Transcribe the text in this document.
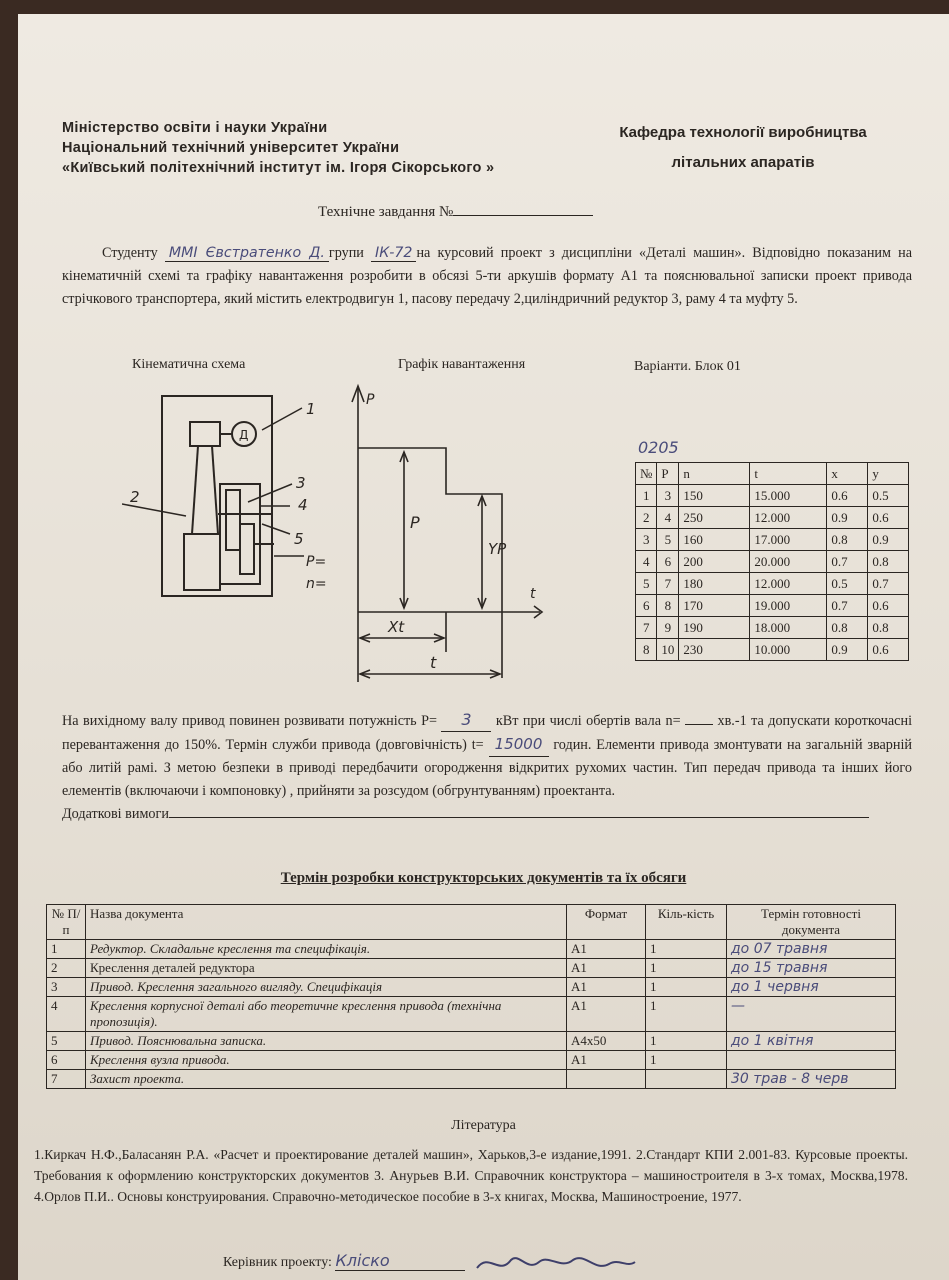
Міністерство освіти і науки України
Національний технічний університет України
«Київський політехнічний інститут ім. Ігоря Сікорського »
Кафедра технології виробництва
літальних апаратів
Технічне завдання №
Студенту ММІ Євстратенко Д. групи ІК-72 на курсовий проект з дисципліни «Деталі машин». Відповідно показаним на кінематичній схемі та графіку навантаження розробити в обсязі 5-ти аркушів формату А1 та пояснювальної записки проект привода стрічкового транспортера, який містить електродвигун 1, пасову передачу 2,циліндричний редуктор 3, раму 4 та муфту 5.
Кінематична схема	Графік навантаження	Варіанти. Блок 01
Д
1
2
3
4
5
P=
n=
P
t
P
YP
Xt
t
0205
№	P	n	t	x	y
1	3	150	15.000	0.6	0.5
2	4	250	12.000	0.9	0.6
3	5	160	17.000	0.8	0.9
4	6	200	20.000	0.7	0.8
5	7	180	12.000	0.5	0.7
6	8	170	19.000	0.7	0.6
7	9	190	18.000	0.8	0.8
8	10	230	10.000	0.9	0.6
На вихідному валу привод повинен розвивати потужність Р= 3 кВт при числі обертів вала n=	хв.-1 та допускати короткочасні перевантаження до 150%. Термін служби привода (довговічність) t= 15000 годин. Елементи привода змонтувати на загальній зварній або литій рамі. З метою безпеки в приводі передбачити огородження відкритих рухомих частин. Тип передач привода та інших його елементів (включаючи і компоновку) , прийняти за розсудом (обгрунтуванням) проектанта.
Додаткові вимоги
Термін розробки конструкторських документів та їх обсяги
№ П/п	Назва документа	Формат	Кіль-кість	Термін готовності документа
1	Редуктор. Складальне креслення та специфікація.	А1	1	до 07 травня
2	Креслення деталей редуктора	А1	1	до 15 травня
3	Привод. Креслення загального вигляду. Специфікація	А1	1	до 1 червня
4	Креслення корпусної деталі або теоретичне креслення привода (технічна пропозиція).	А1	1	—
5	Привод. Пояснювальна записка.	А4х50	1	до 1 квітня
6	Креслення вузла привода.	А1	1	
7	Захист проекта.			30 трав - 8 черв
Література
1.Киркач Н.Ф.,Баласанян Р.А. «Расчет и проектирование деталей машин», Харьков,3-е издание,1991. 2.Стандарт КПИ 2.001-83. Курсовые проекты. Требования к оформлению конструкторских документов 3. Анурьев В.И. Справочник конструктора – машиностроителя в 3-х томах, Москва,1978. 4.Орлов П.И.. Основы конструирования. Справочно-методическое пособие в 3-х книгах, Москва, Машиностроение, 1977.
Керівник проекту: Кліско
